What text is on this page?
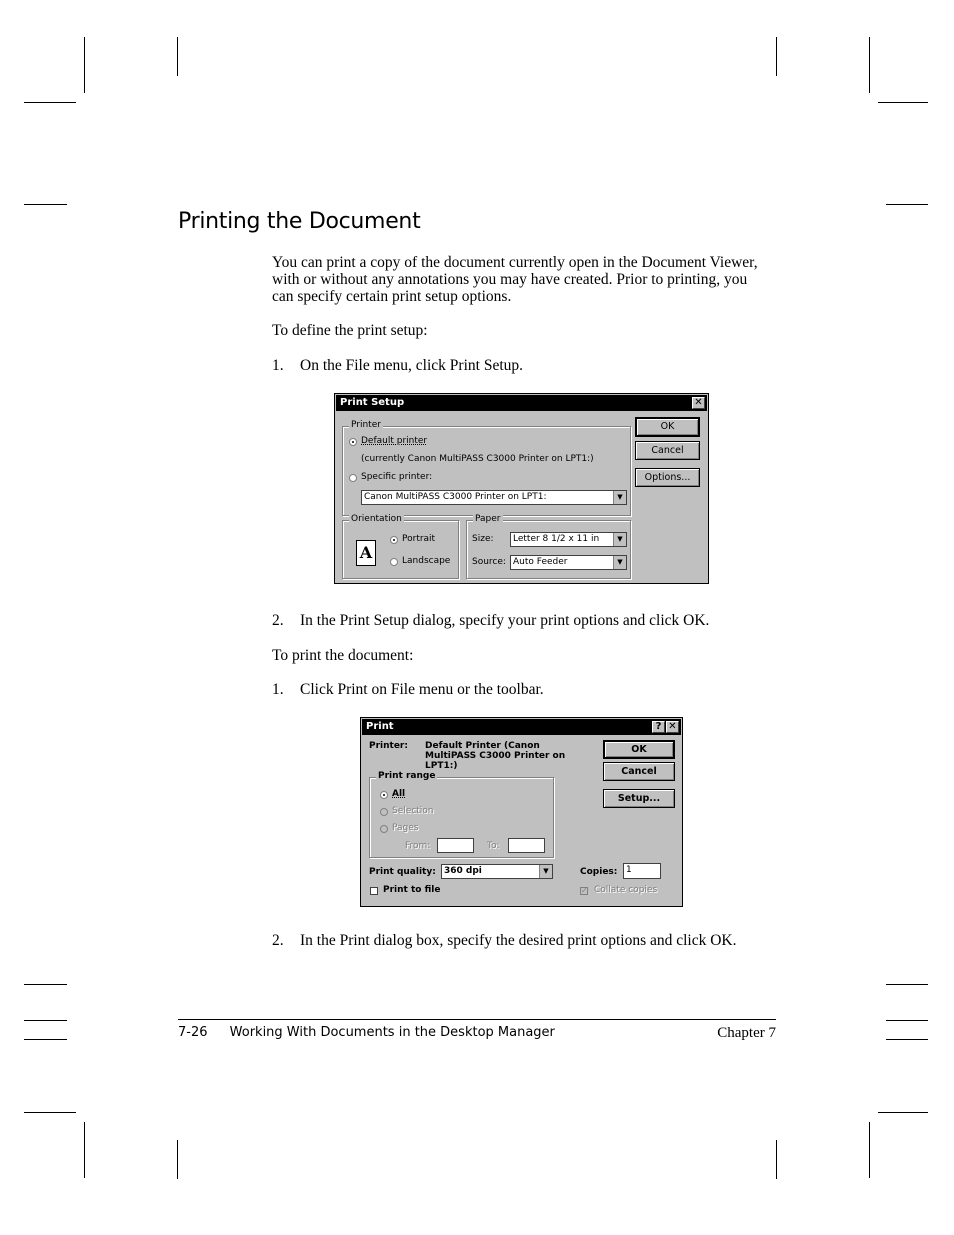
Printing the Document

You can print a copy of the document currently open in the Document Viewer, with or without any annotations you may have created. Prior to printing, you can specify certain print setup options.

To define the print setup:

1. On the File menu, click Print Setup.
Print Setup	✕
Printer
Default printer
(currently Canon MultiPASS C3000 Printer on LPT1:)
Specific printer:
Canon MultiPASS C3000 Printer on LPT1:	▼
Orientation
A
Portrait
Landscape
Paper
Size:	Letter 8 1/2 x 11 in	▼
Source: Auto Feeder	▼
OK
Cancel
Options...
2. In the Print Setup dialog, specify your print options and click OK.

To print the document:

1. Click Print on File menu or the toolbar.
Print	? ✕
Printer: Default Printer (Canon MultiPASS C3000 Printer on LPT1:)
Print range
All
Selection
Pages
From:	To:
Print quality: 360 dpi	▼	Copies: 1
Print to file	✓ Collate copies
OK
Cancel
Setup...
2. In the Print dialog box, specify the desired print options and click OK.
7-26 Working With Documents in the Desktop Manager	Chapter 7
